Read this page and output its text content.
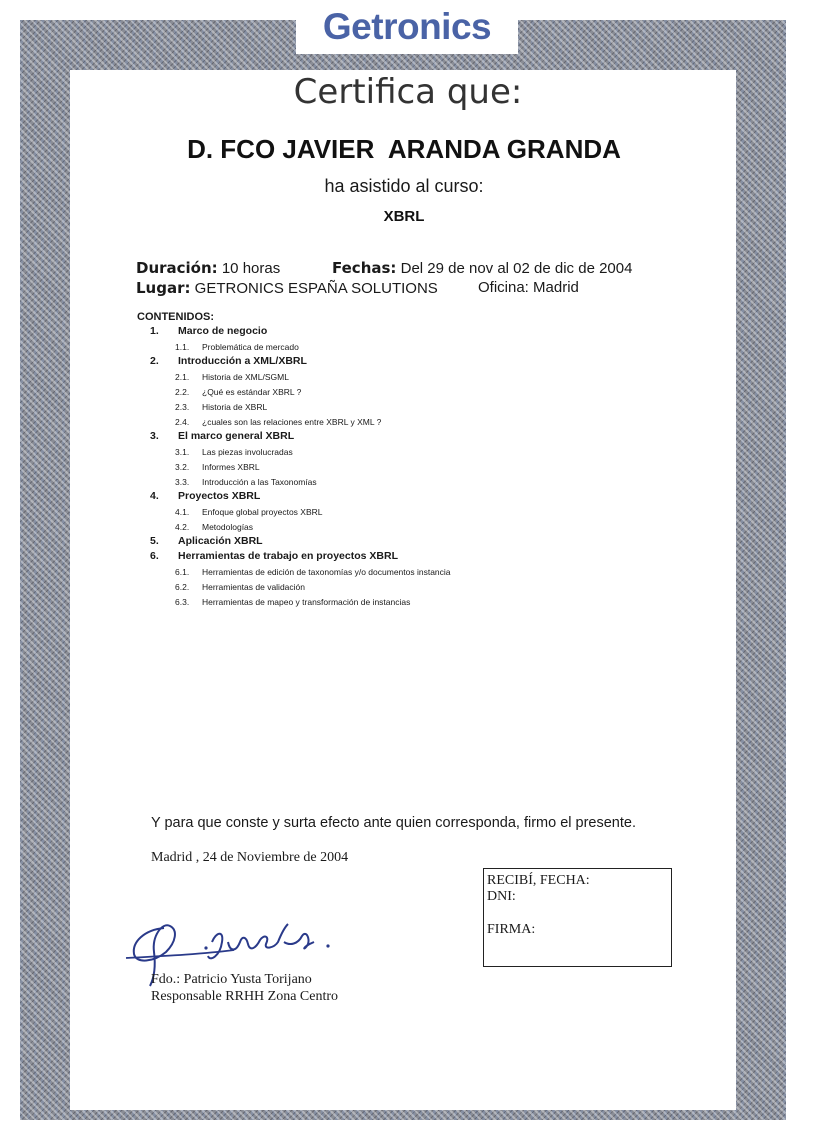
Getronics
Certifica que:
D. FCO JAVIER  ARANDA GRANDA
ha asistido al curso:
XBRL
Duración: 10 horas	Fechas: Del 29 de nov al 02 de dic de 2004
Lugar: GETRONICS ESPAÑA SOLUTIONS	Oficina: Madrid
CONTENIDOS:
1.	Marco de negocio
1.1.	Problemática de mercado
2.	Introducción a XML/XBRL
2.1.	Historia de XML/SGML
2.2.	¿Qué es estándar XBRL ?
2.3.	Historia de XBRL
2.4.	¿cuales son las relaciones entre XBRL y XML ?
3.	El marco general XBRL
3.1.	Las piezas involucradas
3.2.	Informes XBRL
3.3.	Introducción a las Taxonomías
4.	Proyectos XBRL
4.1.	Enfoque global proyectos XBRL
4.2.	Metodologías
5.	Aplicación XBRL
6.	Herramientas de trabajo en proyectos XBRL
6.1.	Herramientas de edición de taxonomías y/o documentos instancia
6.2.	Herramientas de validación
6.3.	Herramientas de mapeo y transformación de instancias
Y para que conste y surta efecto ante quien corresponda, firmo el presente.
Madrid , 24 de Noviembre de 2004
RECIBÍ, FECHA:
DNI:
FIRMA:
Fdo.: Patricio Yusta Torijano
Responsable RRHH Zona Centro
